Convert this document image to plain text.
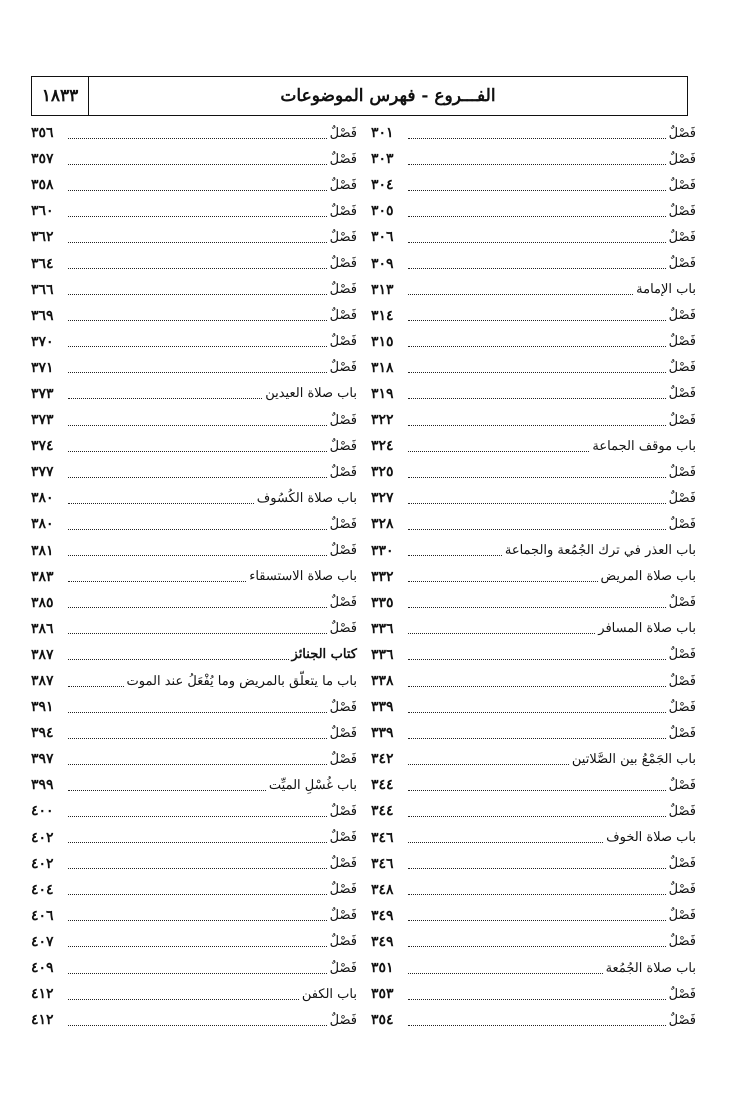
الفـــروع - فهرس الموضوعات
١٨٣٣
فَصْلٌ
٣٠١
فَصْلٌ
٣٠٣
فَصْلٌ
٣٠٤
فَصْلٌ
٣٠٥
فَصْلٌ
٣٠٦
فَصْلٌ
٣٠٩
باب الإمامة
٣١٣
فَصْلٌ
٣١٤
فَصْلٌ
٣١٥
فَصْلٌ
٣١٨
فَصْلٌ
٣١٩
فَصْلٌ
٣٢٢
باب موقف الجماعة
٣٢٤
فَصْلٌ
٣٢٥
فَصْلٌ
٣٢٧
فَصْلٌ
٣٢٨
باب العذر في ترك الجُمُعة والجماعة
٣٣٠
باب صلاة المريض
٣٣٢
فَصْلٌ
٣٣٥
باب صلاة المسافر
٣٣٦
فَصْلٌ
٣٣٦
فَصْلٌ
٣٣٨
فَصْلٌ
٣٣٩
فَصْلٌ
٣٣٩
باب الجَمْعُ بين الصَّلاتين
٣٤٢
فَصْلٌ
٣٤٤
فَصْلٌ
٣٤٤
باب صلاة الخوف
٣٤٦
فَصْلٌ
٣٤٦
فَصْلٌ
٣٤٨
فَصْلٌ
٣٤٩
فَصْلٌ
٣٤٩
باب صلاة الجُمُعة
٣٥١
فَصْلٌ
٣٥٣
فَصْلٌ
٣٥٤
فَصْلٌ
٣٥٦
فَصْلٌ
٣٥٧
فَصْلٌ
٣٥٨
فَصْلٌ
٣٦٠
فَصْلٌ
٣٦٢
فَصْلٌ
٣٦٤
فَصْلٌ
٣٦٦
فَصْلٌ
٣٦٩
فَصْلٌ
٣٧٠
فَصْلٌ
٣٧١
باب صلاة العيدين
٣٧٣
فَصْلٌ
٣٧٣
فَصْلٌ
٣٧٤
فَصْلٌ
٣٧٧
باب صلاة الكُسُوف
٣٨٠
فَصْلٌ
٣٨٠
فَصْلٌ
٣٨١
باب صلاة الاستسقاء
٣٨٣
فَصْلٌ
٣٨٥
فَصْلٌ
٣٨٦
كتاب الجنائز
٣٨٧
باب ما يتعلّق بالمريض وما يُفْعَلُ عند الموت
٣٨٧
فَصْلٌ
٣٩١
فَصْلٌ
٣٩٤
فَصْلٌ
٣٩٧
باب غُسْلِ الميِّت
٣٩٩
فَصْلٌ
٤٠٠
فَصْلٌ
٤٠٢
فَصْلٌ
٤٠٢
فَصْلٌ
٤٠٤
فَصْلٌ
٤٠٦
فَصْلٌ
٤٠٧
فَصْلٌ
٤٠٩
باب الكفن
٤١٢
فَصْلٌ
٤١٢
